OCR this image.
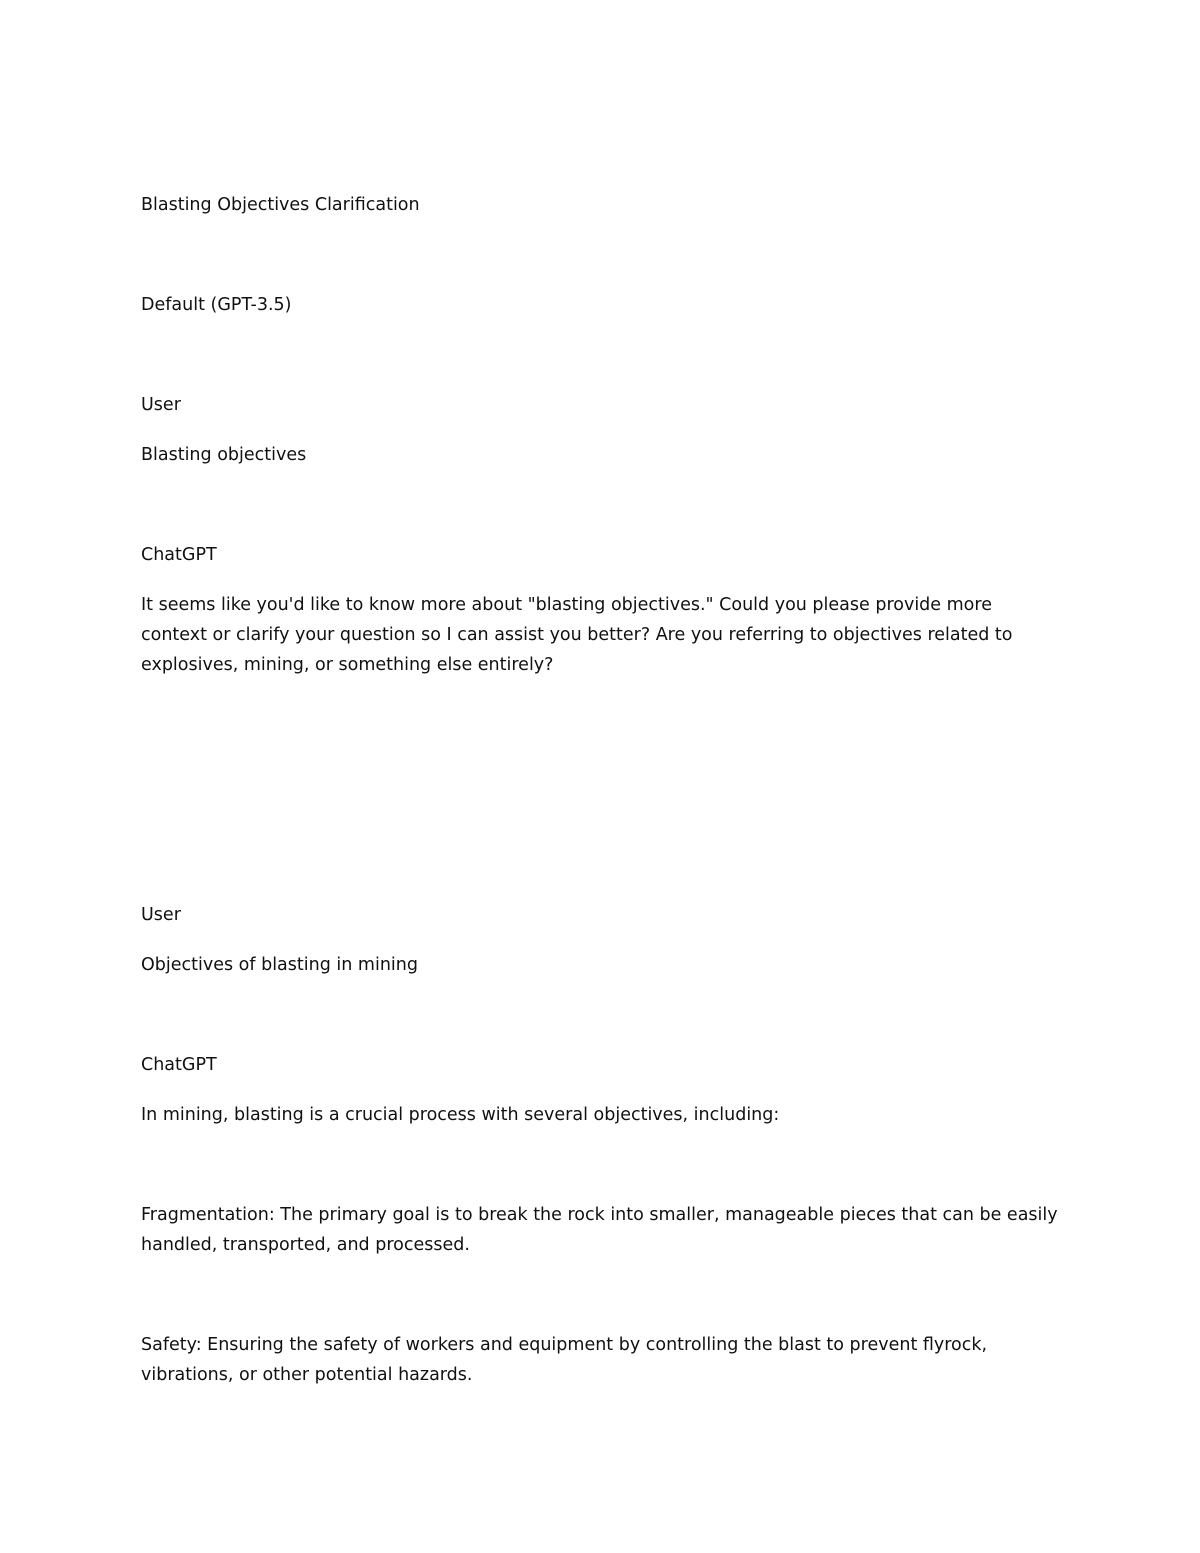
Blasting Objectives Clarification

Default (GPT-3.5)

User

Blasting objectives

ChatGPT

It seems like you'd like to know more about "blasting objectives." Could you please provide more context or clarify your question so I can assist you better? Are you referring to objectives related to explosives, mining, or something else entirely?

User

Objectives of blasting in mining

ChatGPT

In mining, blasting is a crucial process with several objectives, including:

Fragmentation: The primary goal is to break the rock into smaller, manageable pieces that can be easily handled, transported, and processed.

Safety: Ensuring the safety of workers and equipment by controlling the blast to prevent flyrock, vibrations, or other potential hazards.
